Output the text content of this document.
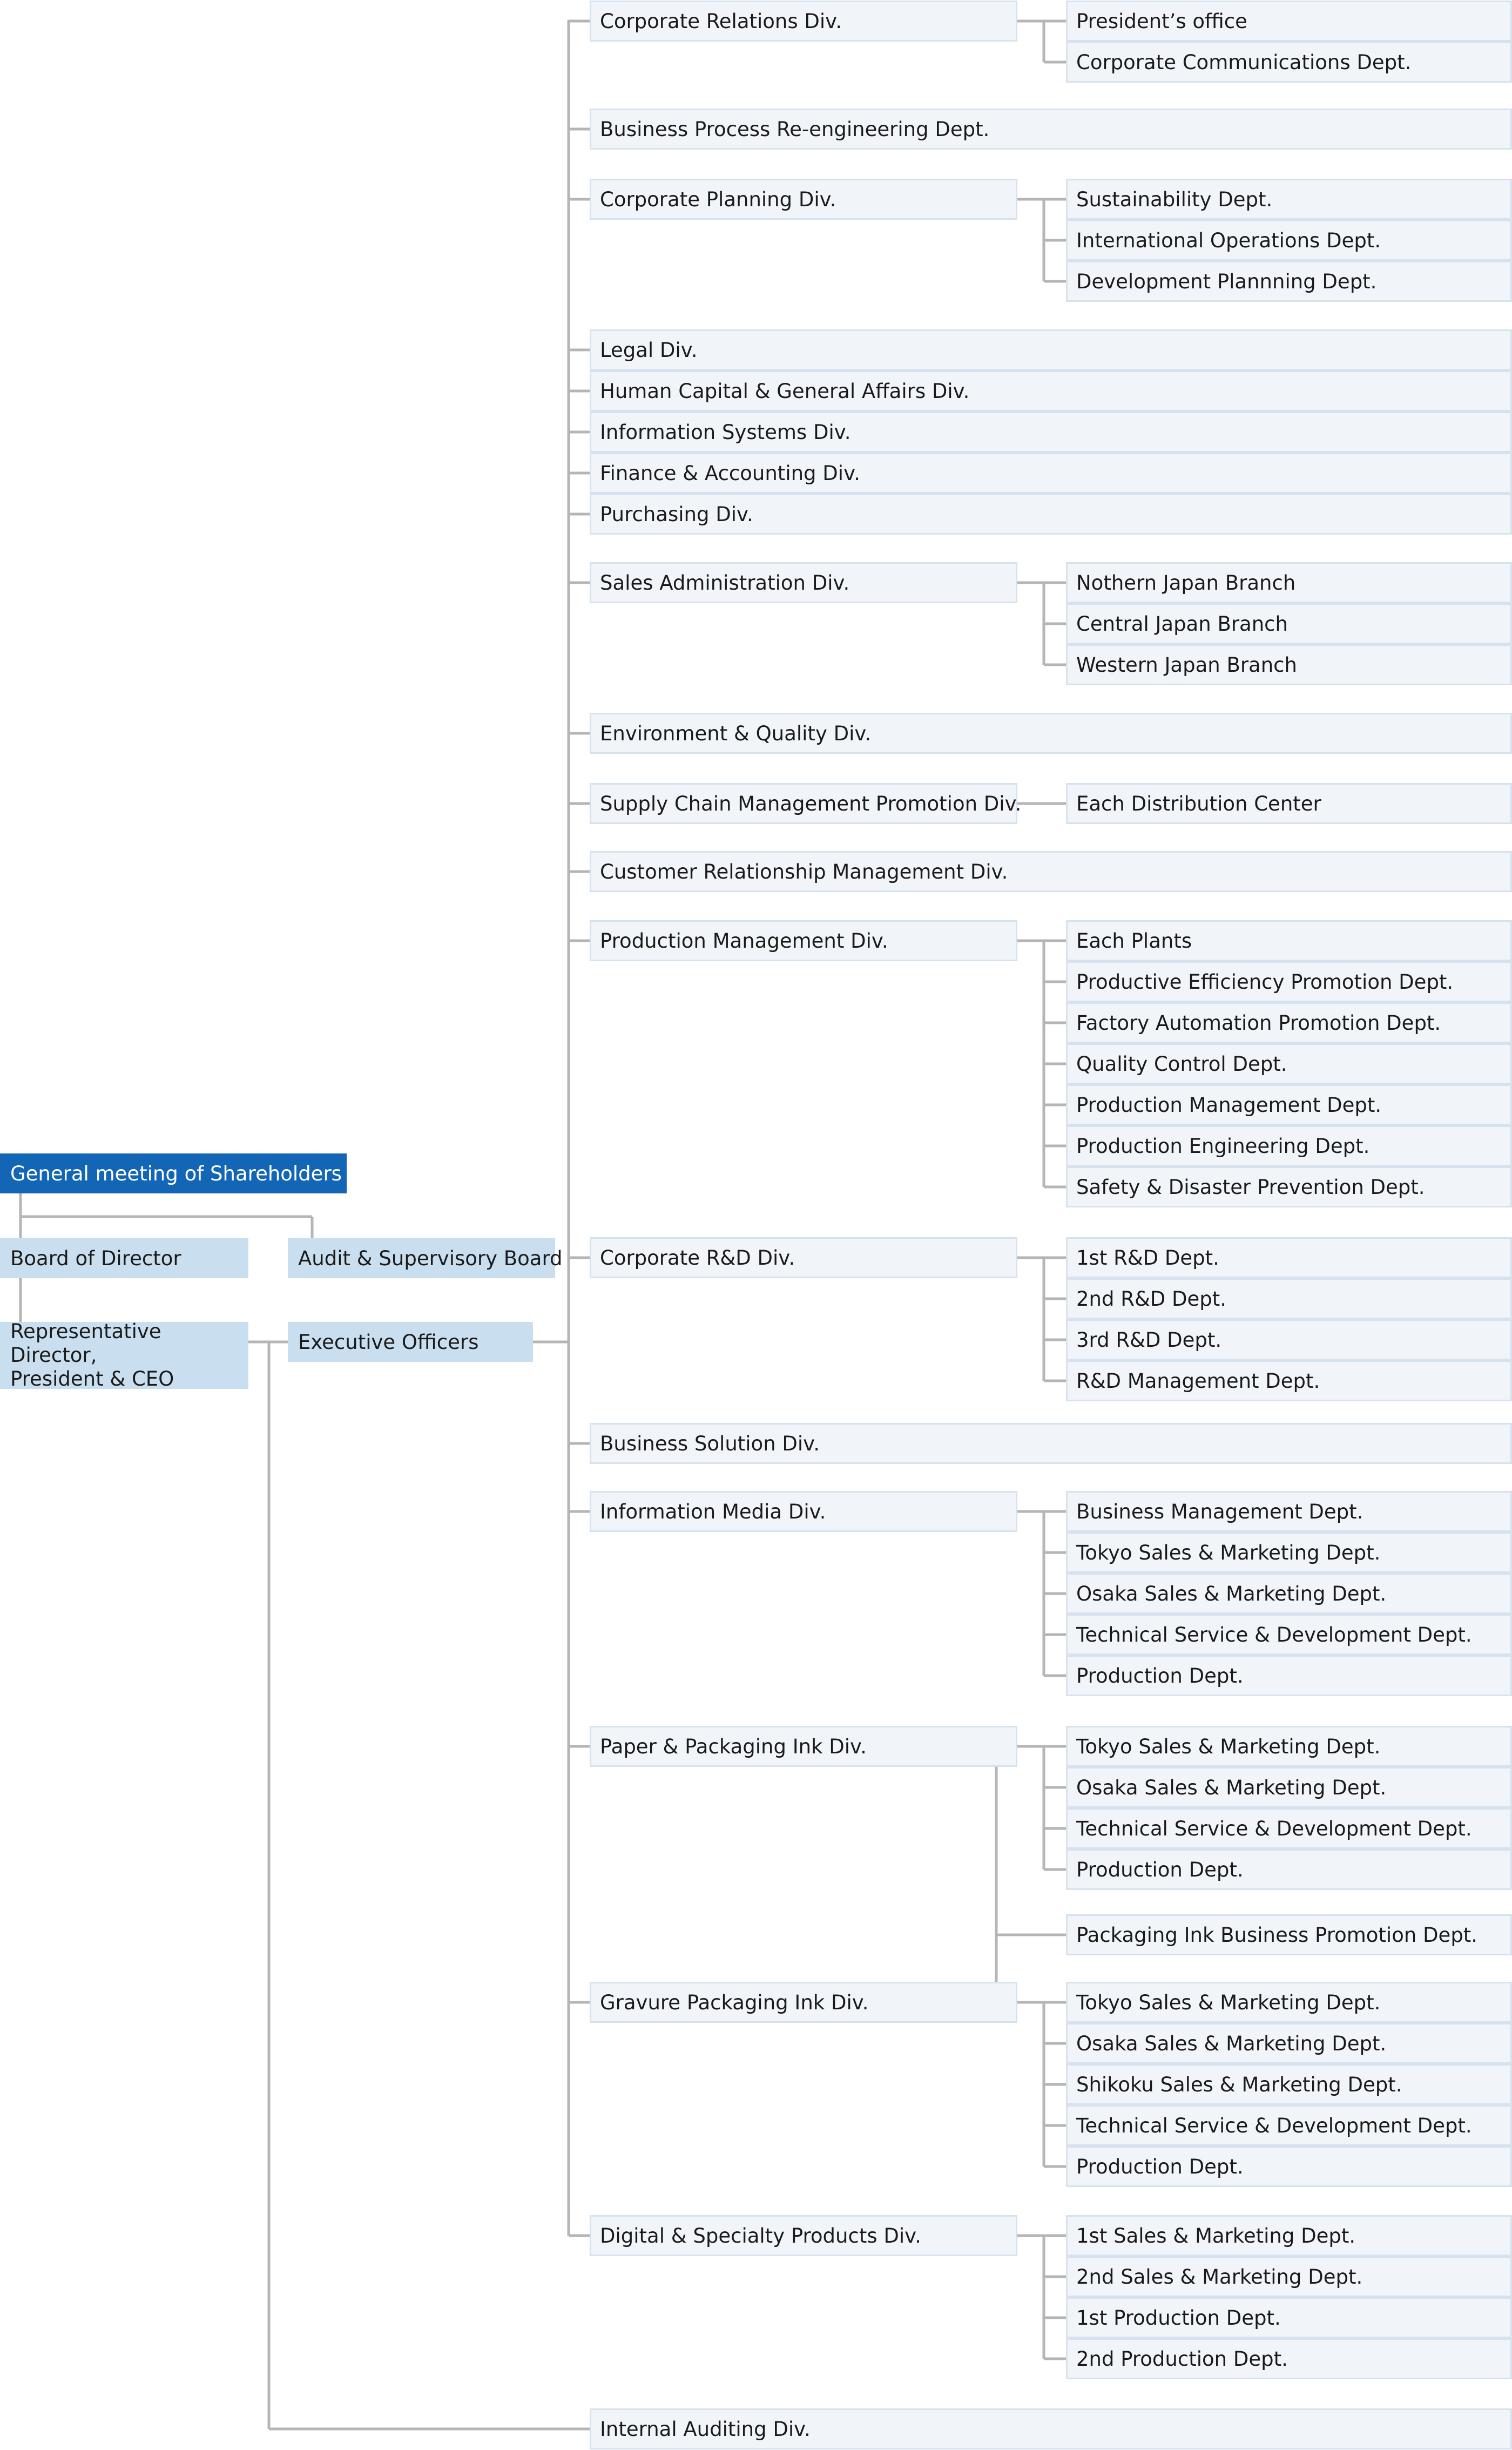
General meeting of Shareholders
Board of Director	Audit & Supervisory Board
Representative Director,
President & CEO
Executive Officers
Corporate Relations Div.	President’s office
Corporate Communications Dept.
Business Process Re-engineering Dept.
Corporate Planning Div.	Sustainability Dept.
International Operations Dept.
Development Plannning Dept.
Legal Div.
Human Capital & General Affairs Div.
Information Systems Div.
Finance & Accounting Div.
Purchasing Div.
Sales Administration Div.	Nothern Japan Branch
Central Japan Branch
Western Japan Branch
Environment & Quality Div.
Supply Chain Management Promotion Div.	Each Distribution Center
Customer Relationship Management Div.
Production Management Div.	Each Plants
Productive Efficiency Promotion Dept.
Factory Automation Promotion Dept.
Quality Control Dept.
Production Management Dept.
Production Engineering Dept.
Safety & Disaster Prevention Dept.
Corporate R&D Div.	1st R&D Dept.
2nd R&D Dept.
3rd R&D Dept.
R&D Management Dept.
Business Solution Div.
Information Media Div.	Business Management Dept.
Tokyo Sales & Marketing Dept.
Osaka Sales & Marketing Dept.
Technical Service & Development Dept.
Production Dept.
Paper & Packaging Ink Div.	Tokyo Sales & Marketing Dept.
Osaka Sales & Marketing Dept.
Technical Service & Development Dept.
Production Dept.
Gravure Packaging Ink Div.	Tokyo Sales & Marketing Dept.
Osaka Sales & Marketing Dept.
Shikoku Sales & Marketing Dept.
Technical Service & Development Dept.
Production Dept.
Digital & Specialty Products Div.	1st Sales & Marketing Dept.
2nd Sales & Marketing Dept.
1st Production Dept.
2nd Production Dept.
Packaging Ink Business Promotion Dept.
Internal Auditing Div.
